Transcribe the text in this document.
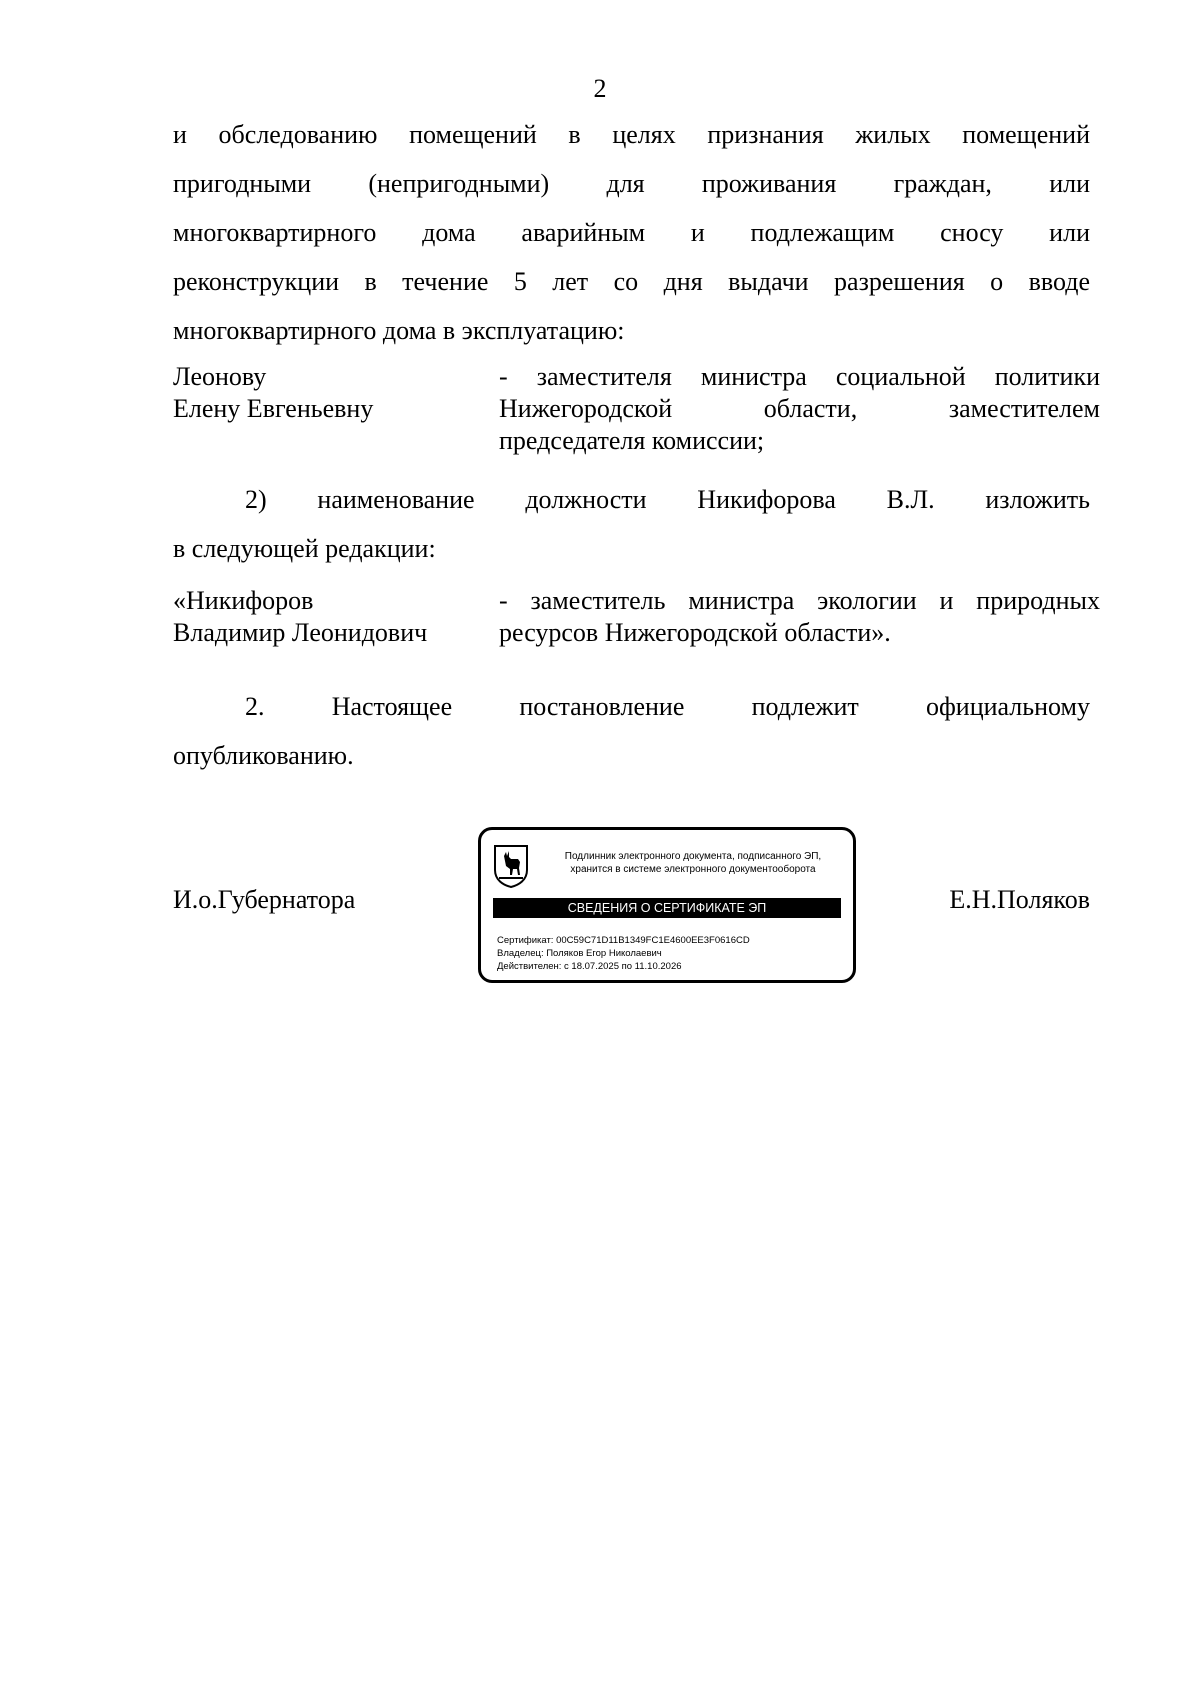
2
и обследованию помещений в целях признания жилых помещений
пригодными (непригодными) для проживания граждан, или
многоквартирного дома аварийным и подлежащим сносу или
реконструкции в течение 5 лет со дня выдачи разрешения о вводе
многоквартирного дома в эксплуатацию:
Леонову
Елену Евгеньевну
- заместителя министра социальной политики
Нижегородской области, заместителем
председателя комиссии;
2) наименование должности Никифорова В.Л. изложить
в следующей редакции:
«Никифоров
Владимир Леонидович
- заместитель министра экологии и природных
ресурсов Нижегородской области».
2. Настоящее постановление подлежит официальному
опубликованию.
И.о.Губернатора
Подлинник электронного документа, подписанного ЭП,
хранится в системе электронного документооборота
СВЕДЕНИЯ О СЕРТИФИКАТЕ ЭП
Сертификат: 00C59C71D11B1349FC1E4600EE3F0616CD
Владелец: Поляков Егор Николаевич
Действителен: с 18.07.2025 по 11.10.2026
Е.Н.Поляков
